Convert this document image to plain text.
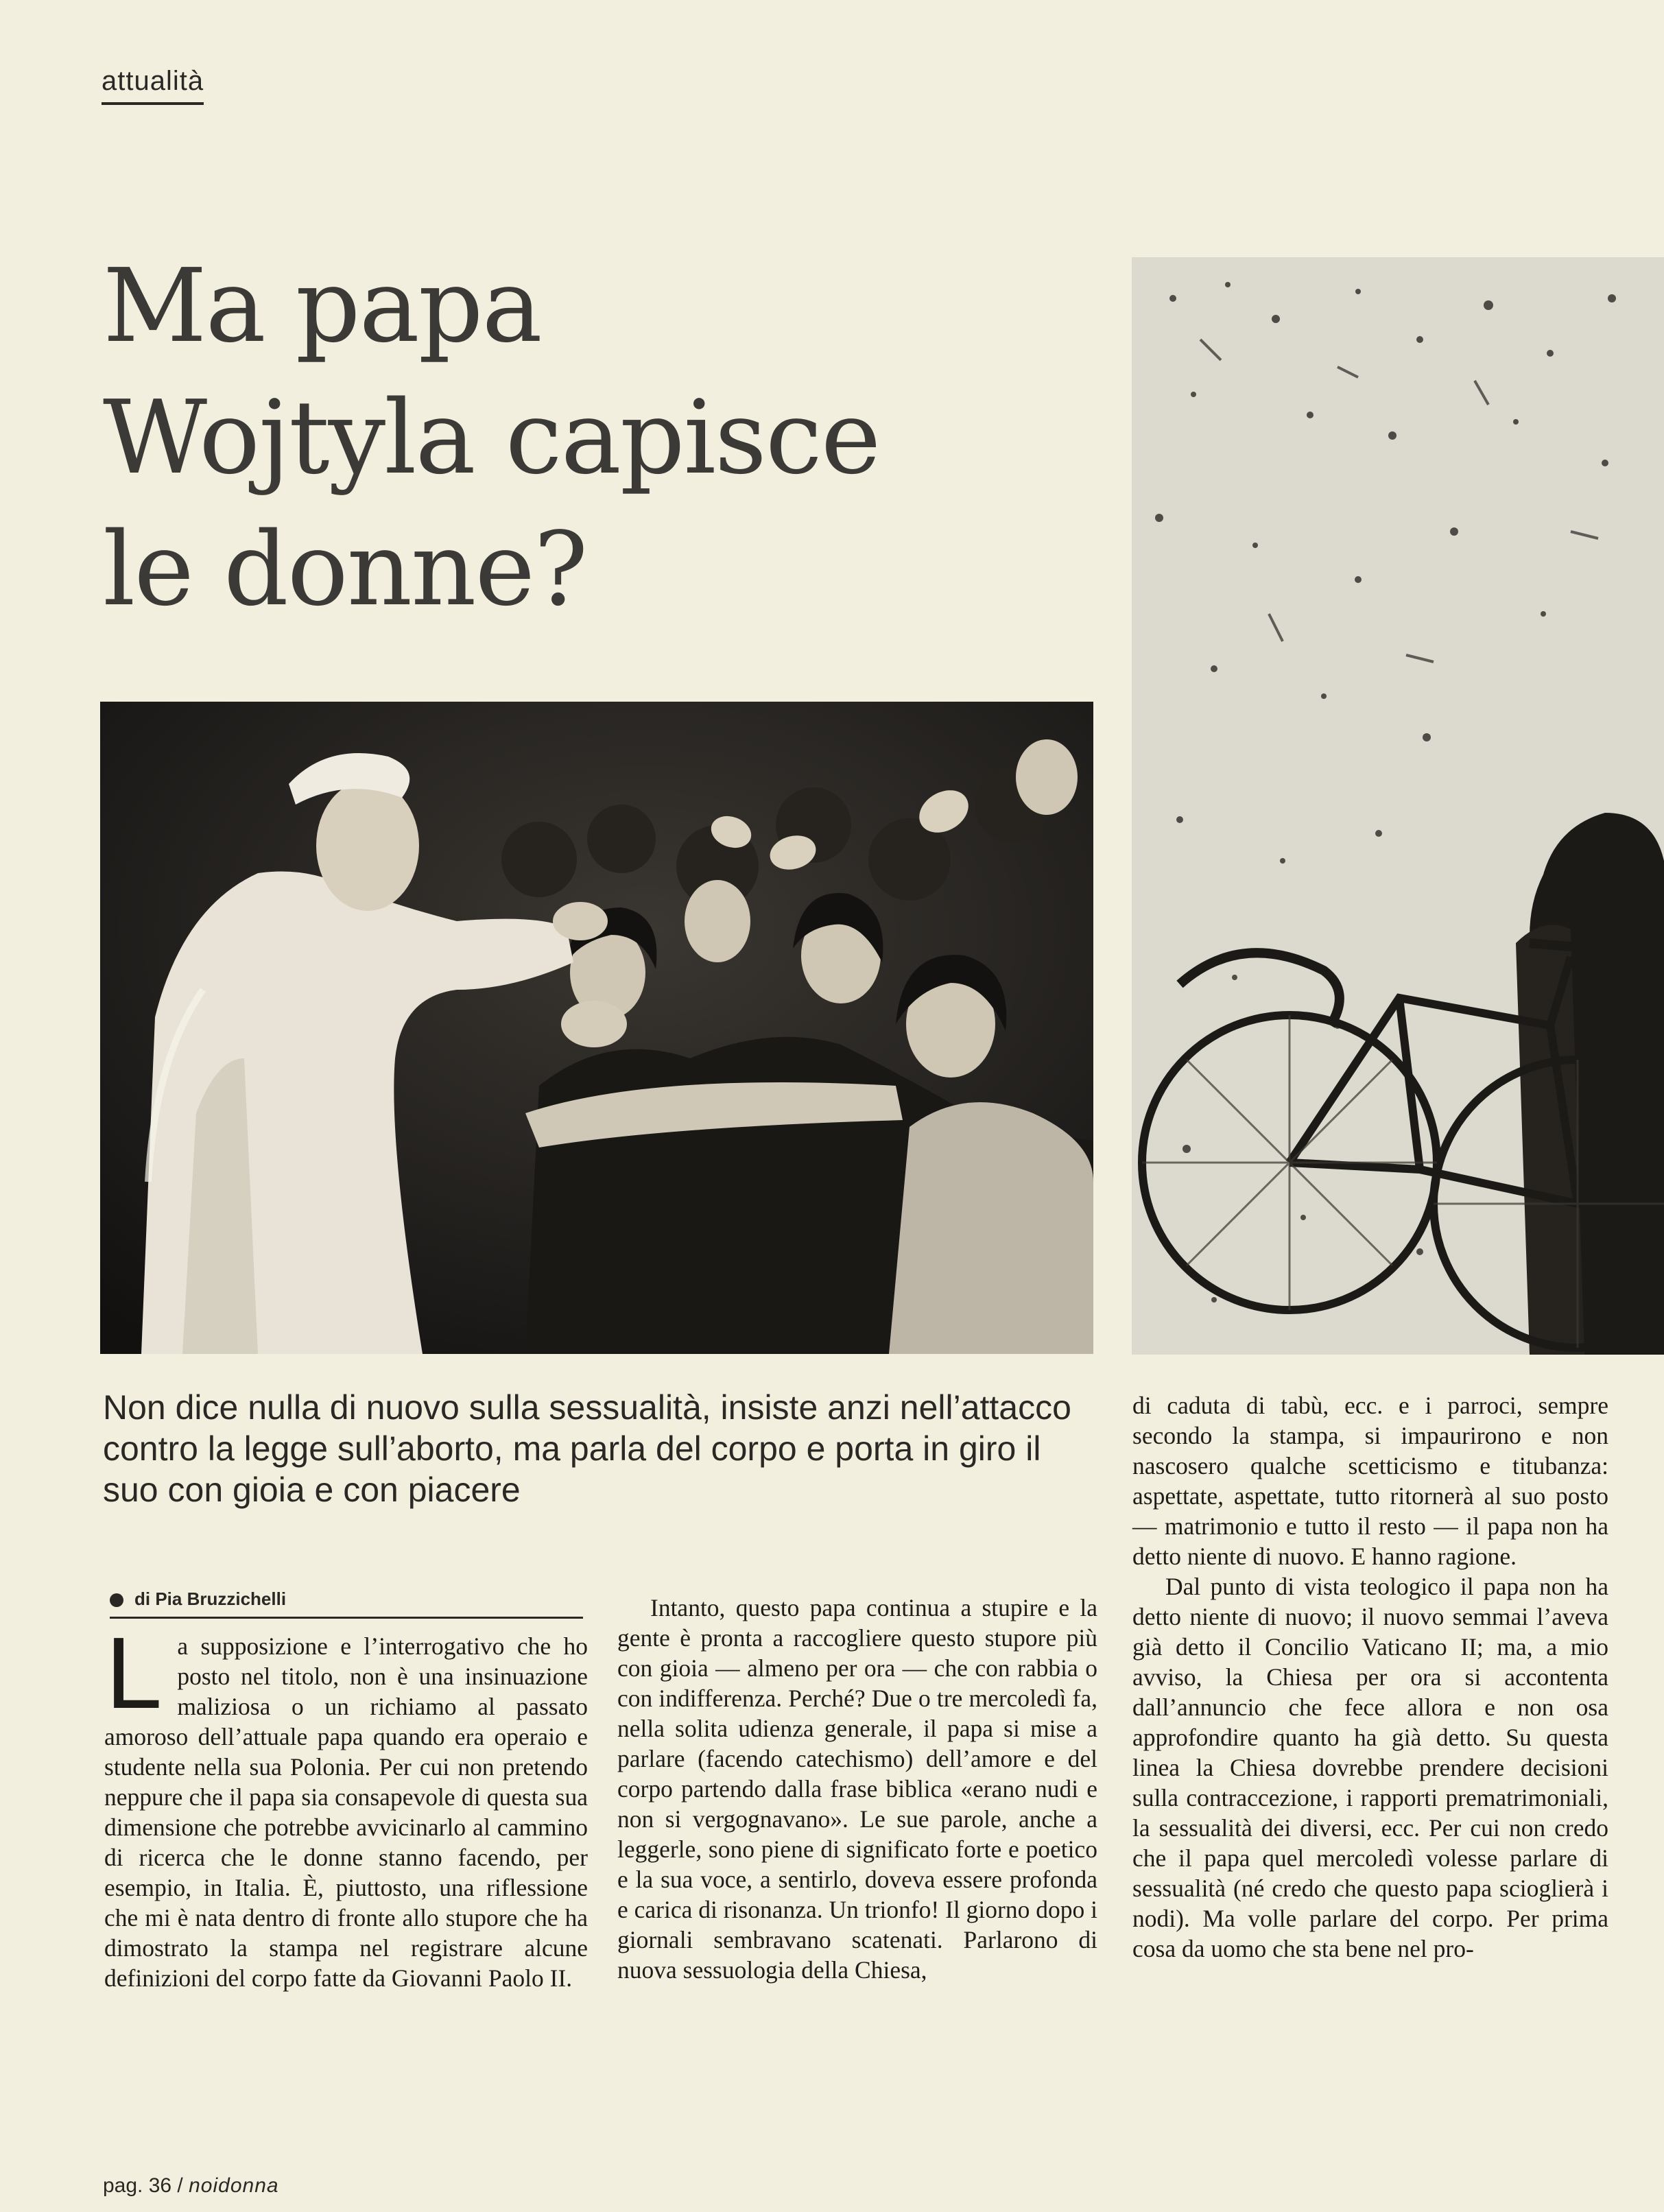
attualità
Ma papa
Wojtyla capisce
le donne?

Non dice nulla di nuovo sulla sessualità, insiste anzi nell’attacco contro la legge sull’aborto, ma parla del corpo e porta in giro il suo con gioia e con piacere

di Pia Bruzzichelli

La supposizione e l’interrogativo che ho posto nel titolo, non è una insinuazione maliziosa o un richiamo al passato amoroso dell’attuale papa quando era operaio e studente nella sua Polonia. Per cui non pretendo neppure che il papa sia consapevole di questa sua dimensione che potrebbe avvicinarlo al cammino di ricerca che le donne stanno facendo, per esempio, in Italia. È, piuttosto, una riflessione che mi è nata dentro di fronte allo stupore che ha dimostrato la stampa nel registrare alcune definizioni del corpo fatte da Giovanni Paolo II.

Intanto, questo papa continua a stupire e la gente è pronta a raccogliere questo stupore più con gioia — almeno per ora — che con rabbia o con indifferenza. Perché? Due o tre mercoledì fa, nella solita udienza generale, il papa si mise a parlare (facendo catechismo) dell’amore e del corpo partendo dalla frase biblica «erano nudi e non si vergognavano». Le sue parole, anche a leggerle, sono piene di significato forte e poetico e la sua voce, a sentirlo, doveva essere profonda e carica di risonanza. Un trionfo! Il giorno dopo i giornali sembravano scatenati. Parlarono di nuova sessuologia della Chiesa,

di caduta di tabù, ecc. e i parroci, sempre secondo la stampa, si impaurirono e non nascosero qualche scetticismo e titubanza: aspettate, aspettate, tutto ritornerà al suo posto — matrimonio e tutto il resto — il papa non ha detto niente di nuovo. E hanno ragione.

Dal punto di vista teologico il papa non ha detto niente di nuovo; il nuovo semmai l’aveva già detto il Concilio Vaticano II; ma, a mio avviso, la Chiesa per ora si accontenta dall’annuncio che fece allora e non osa approfondire quanto ha già detto. Su questa linea la Chiesa dovrebbe prendere decisioni sulla contraccezione, i rapporti prematrimoniali, la sessualità dei diversi, ecc. Per cui non credo che il papa quel mercoledì volesse parlare di sessualità (né credo che questo papa scioglierà i nodi). Ma volle parlare del corpo. Per prima cosa da uomo che sta bene nel pro-

pag. 36 / noidonna
